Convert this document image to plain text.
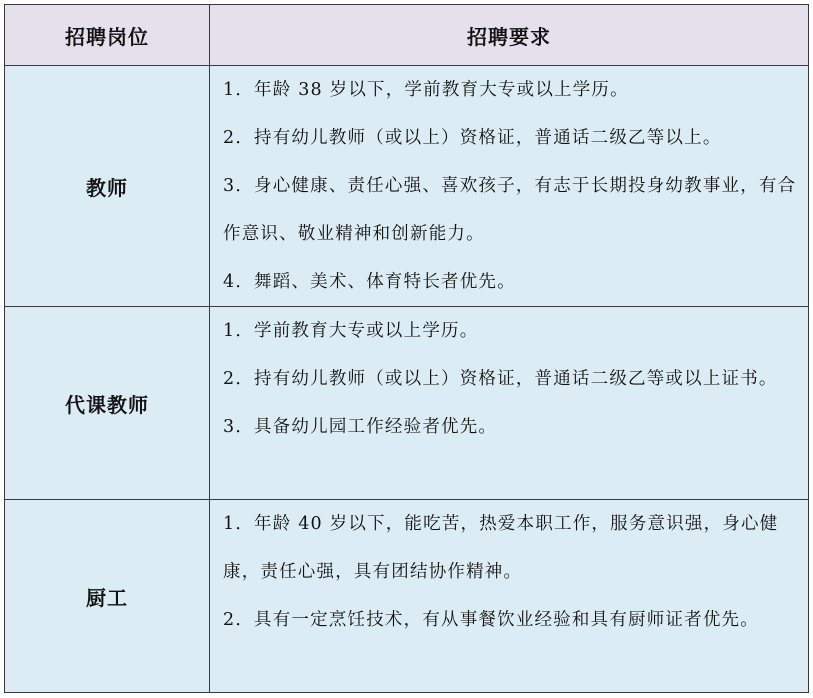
招聘岗位	招聘要求
教师	1．年龄 38 岁以下，学前教育大专或以上学历。
2．持有幼儿教师（或以上）资格证，普通话二级乙等以上。
3．身心健康、责任心强、喜欢孩子，有志于长期投身幼教事业，有合作意识、敬业精神和创新能力。
4．舞蹈、美术、体育特长者优先。

代课教师	1．学前教育大专或以上学历。
2．持有幼儿教师（或以上）资格证，普通话二级乙等或以上证书。
3．具备幼儿园工作经验者优先。

厨工	1．年龄 40 岁以下，能吃苦，热爱本职工作，服务意识强，身心健康，责任心强，具有团结协作精神。
2．具有一定烹饪技术，有从事餐饮业经验和具有厨师证者优先。
